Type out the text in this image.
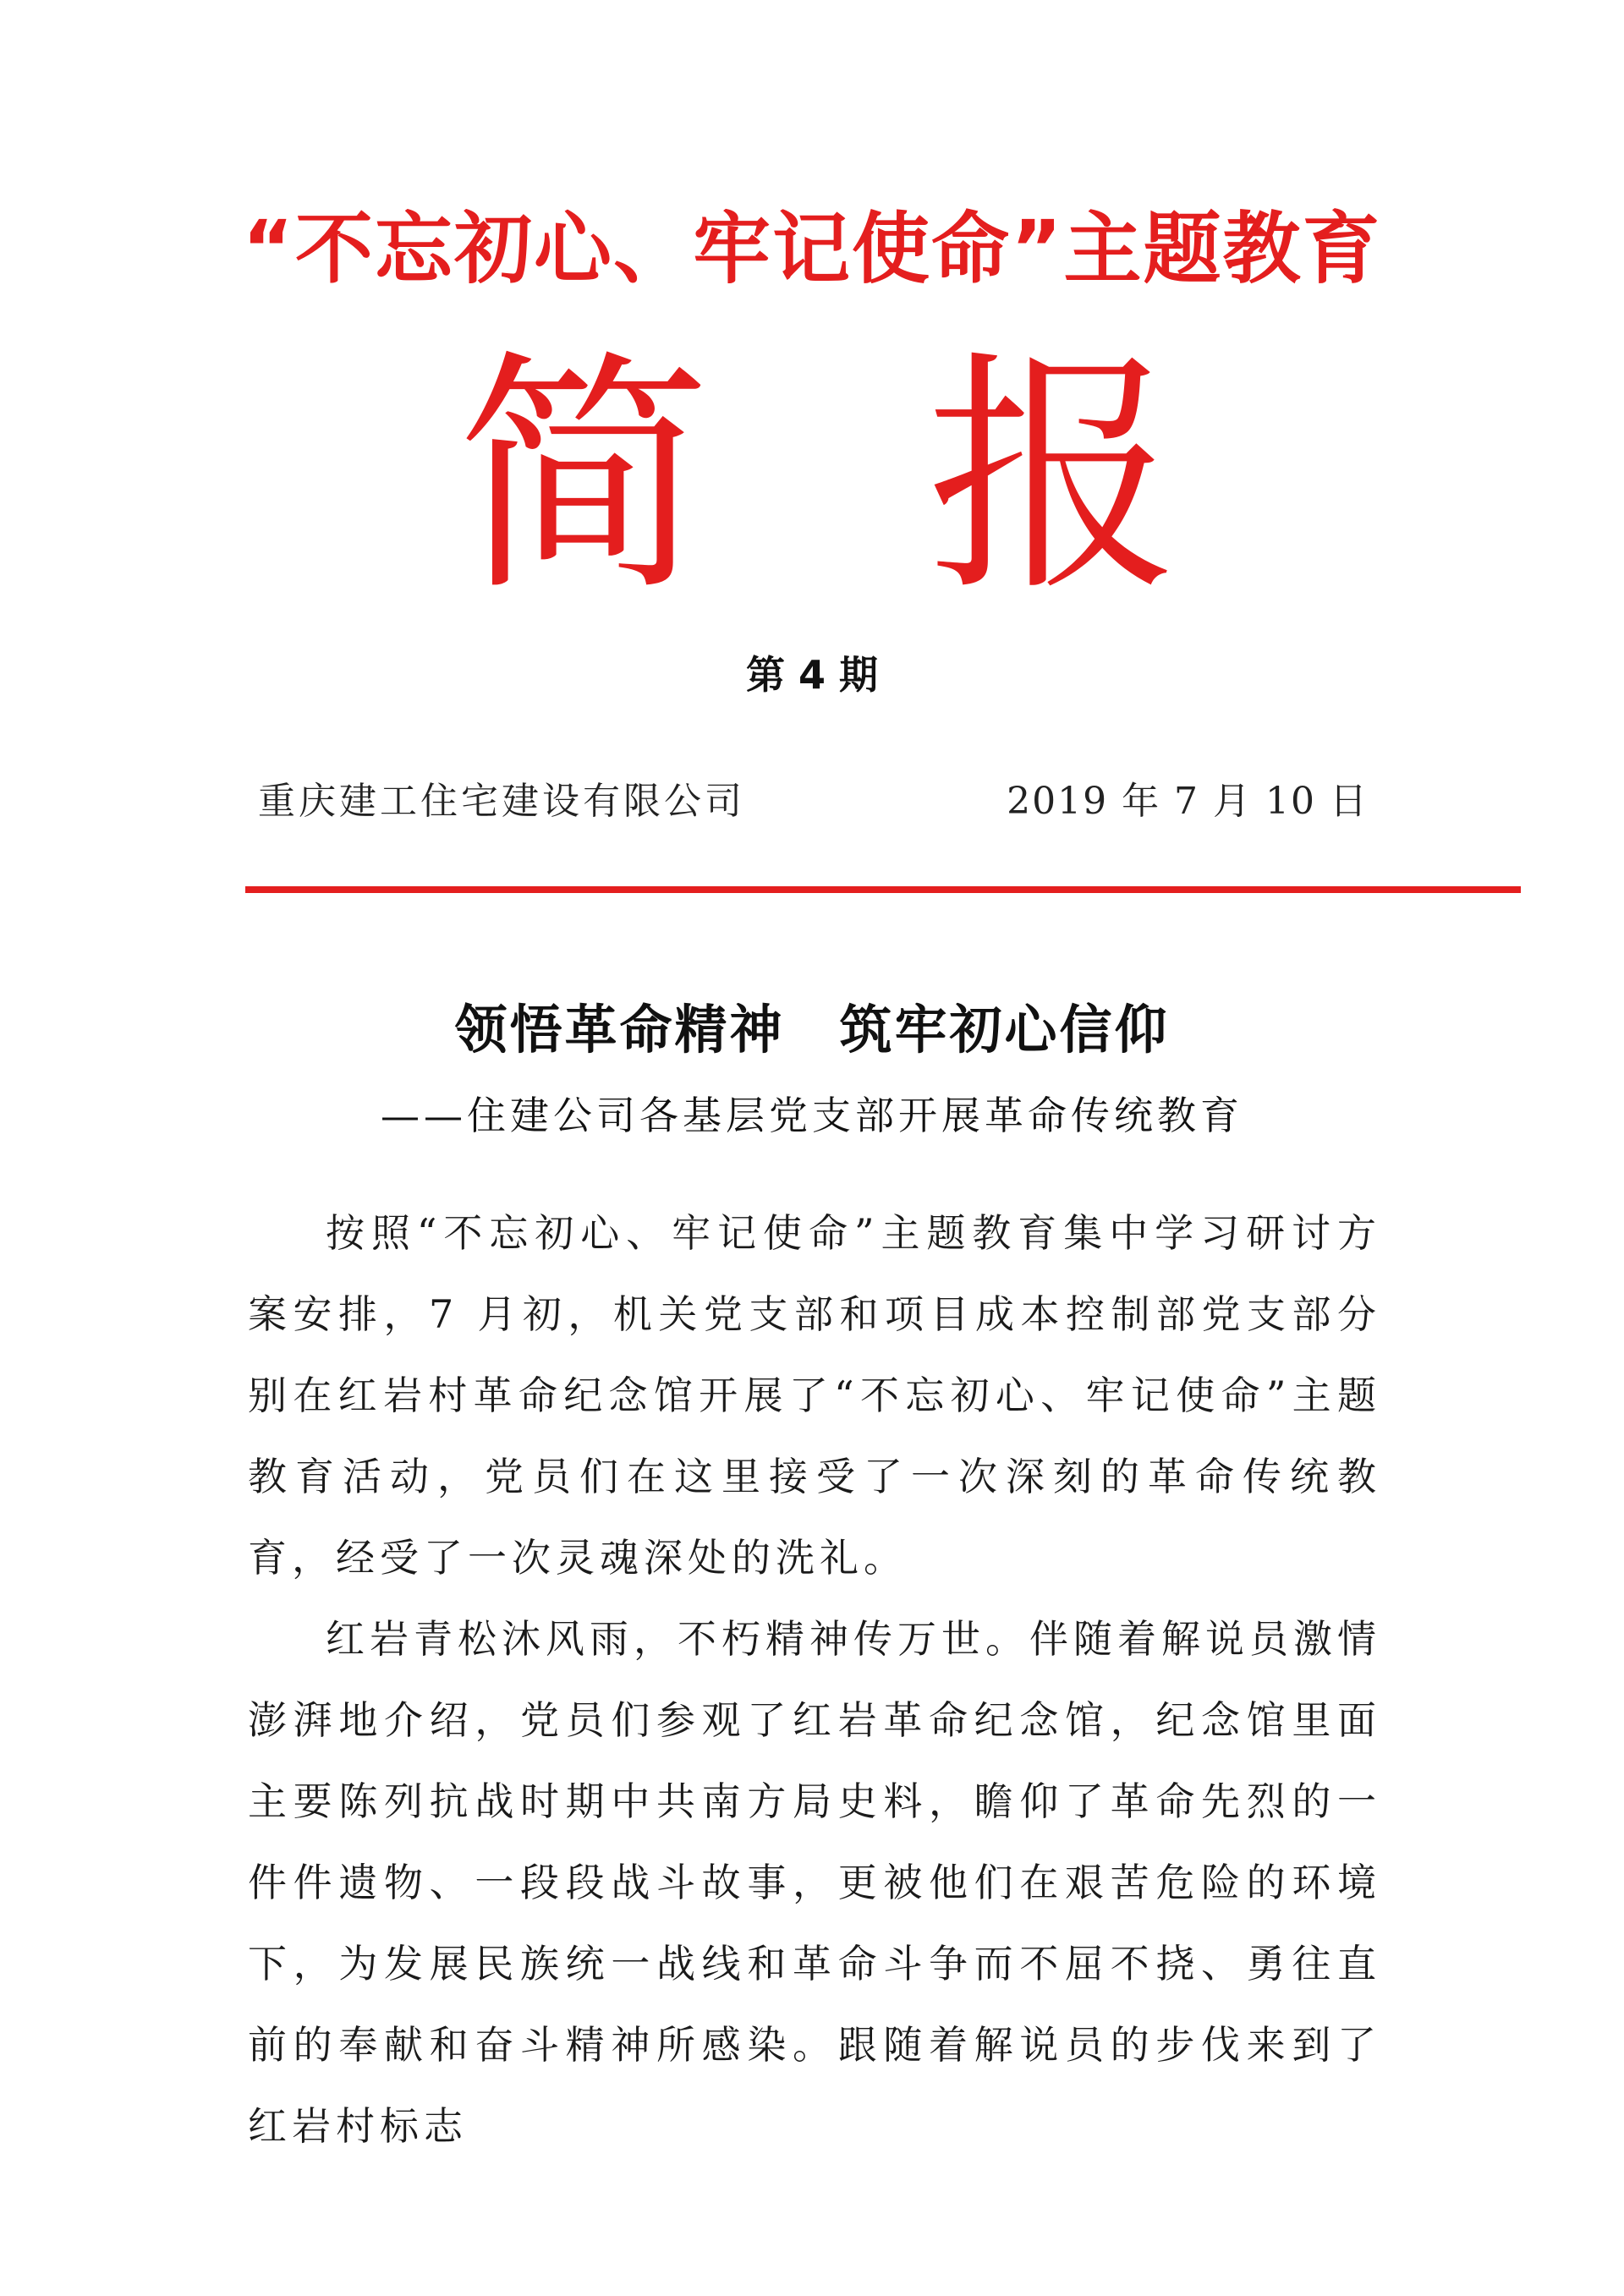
“不忘初心、牢记使命”主题教育
简 报
第 4 期
重庆建工住宅建设有限公司	2019 年 7 月 10 日
领悟革命精神　筑牢初心信仰
——住建公司各基层党支部开展革命传统教育

按照“不忘初心、牢记使命”主题教育集中学习研讨方案安排，7 月初，机关党支部和项目成本控制部党支部分别在红岩村革命纪念馆开展了“不忘初心、牢记使命”主题教育活动，党员们在这里接受了一次深刻的革命传统教育，经受了一次灵魂深处的洗礼。

红岩青松沐风雨，不朽精神传万世。伴随着解说员激情澎湃地介绍，党员们参观了红岩革命纪念馆，纪念馆里面主要陈列抗战时期中共南方局史料，瞻仰了革命先烈的一件件遗物、一段段战斗故事，更被他们在艰苦危险的环境下，为发展民族统一战线和革命斗争而不屈不挠、勇往直前的奉献和奋斗精神所感染。跟随着解说员的步伐来到了红岩村标志
